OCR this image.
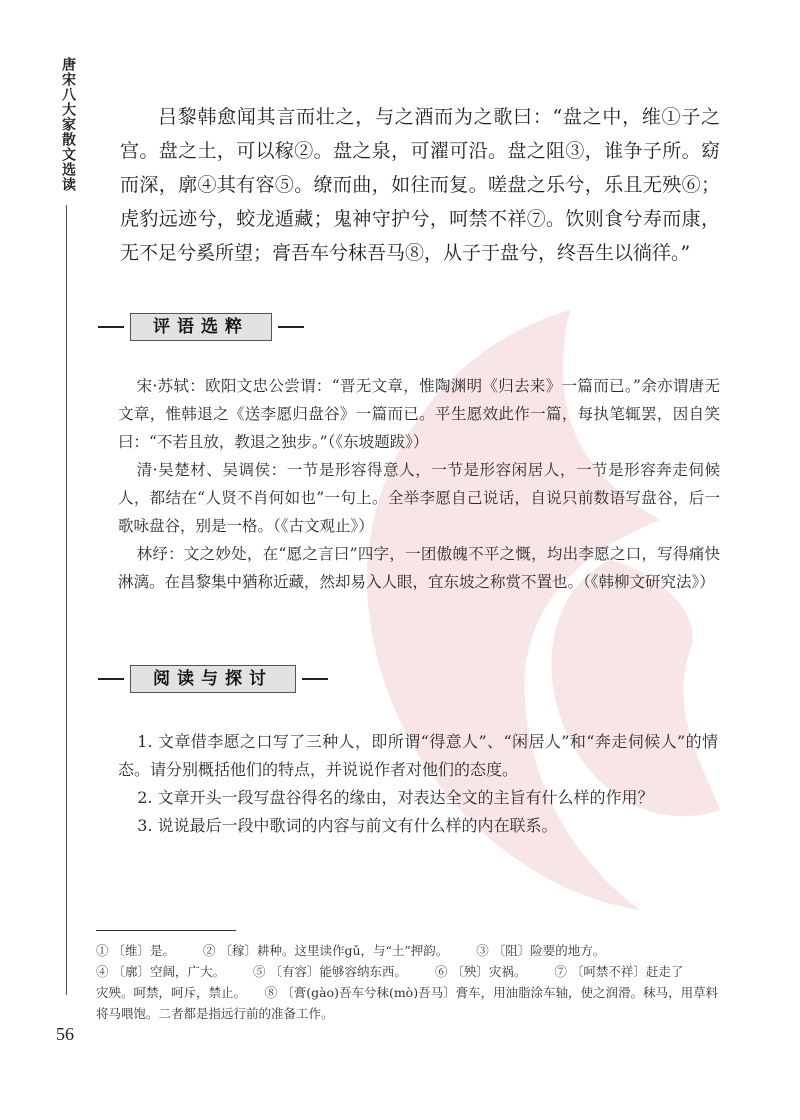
唐宋八大家散文选读	吕黎韩愈闻其言而壮之，与之酒而为之歌曰：“盘之中，维①子之宫。盘之土，可以稼②。盘之泉，可濯可沿。盘之阻③，谁争子所。窈而深，廓④其有容⑤。缭而曲，如往而复。嗟盘之乐兮，乐且无殃⑥；虎豹远迹兮，蛟龙遁藏；鬼神守护兮，呵禁不祥⑦。饮则食兮寿而康，无不足兮奚所望；膏吾车兮秣吾马⑧，从子于盘兮，终吾生以徜徉。”

评语选粹

宋·苏轼：欧阳文忠公尝谓：“晋无文章，惟陶渊明《归去来》一篇而已。”余亦谓唐无文章，惟韩退之《送李愿归盘谷》一篇而已。平生愿效此作一篇，每执笔辄罢，因自笑曰：“不若且放，教退之独步。”（《东坡题跋》）

清·吴楚材、吴调侯：一节是形容得意人，一节是形容闲居人，一节是形容奔走伺候人，都结在“人贤不肖何如也”一句上。全举李愿自己说话，自说只前数语写盘谷，后一歌咏盘谷，别是一格。（《古文观止》）

林纾：文之妙处，在“愿之言曰”四字，一团傲魄不平之慨，均出李愿之口，写得痛快淋漓。在昌黎集中猶称近藏，然却易入人眼，宜东坡之称赏不置也。（《韩柳文研究法》）

阅读与探讨

1. 文章借李愿之口写了三种人，即所谓“得意人”、“闲居人”和“奔走伺候人”的情态。请分别概括他们的特点，并说说作者对他们的态度。

2. 文章开头一段写盘谷得名的缘由，对表达全文的主旨有什么样的作用？

3. 说说最后一段中歌词的内容与前文有什么样的内在联系。

① 〔维〕是。 ② 〔稼〕耕种。这里读作gǔ，与“土”押韵。 ③ 〔阻〕险要的地方。

④ 〔廓〕空阔，广大。 ⑤ 〔有容〕能够容纳东西。 ⑥ 〔殃〕灾祸。 ⑦ 〔呵禁不祥〕赶走了

灾殃。呵禁，呵斥，禁止。　　⑧ 〔膏(gào)吾车兮秣(mò)吾马〕膏车，用油脂涂车轴，使之润滑。秣马，用草料将马喂饱。二者都是指远行前的准备工作。

56
